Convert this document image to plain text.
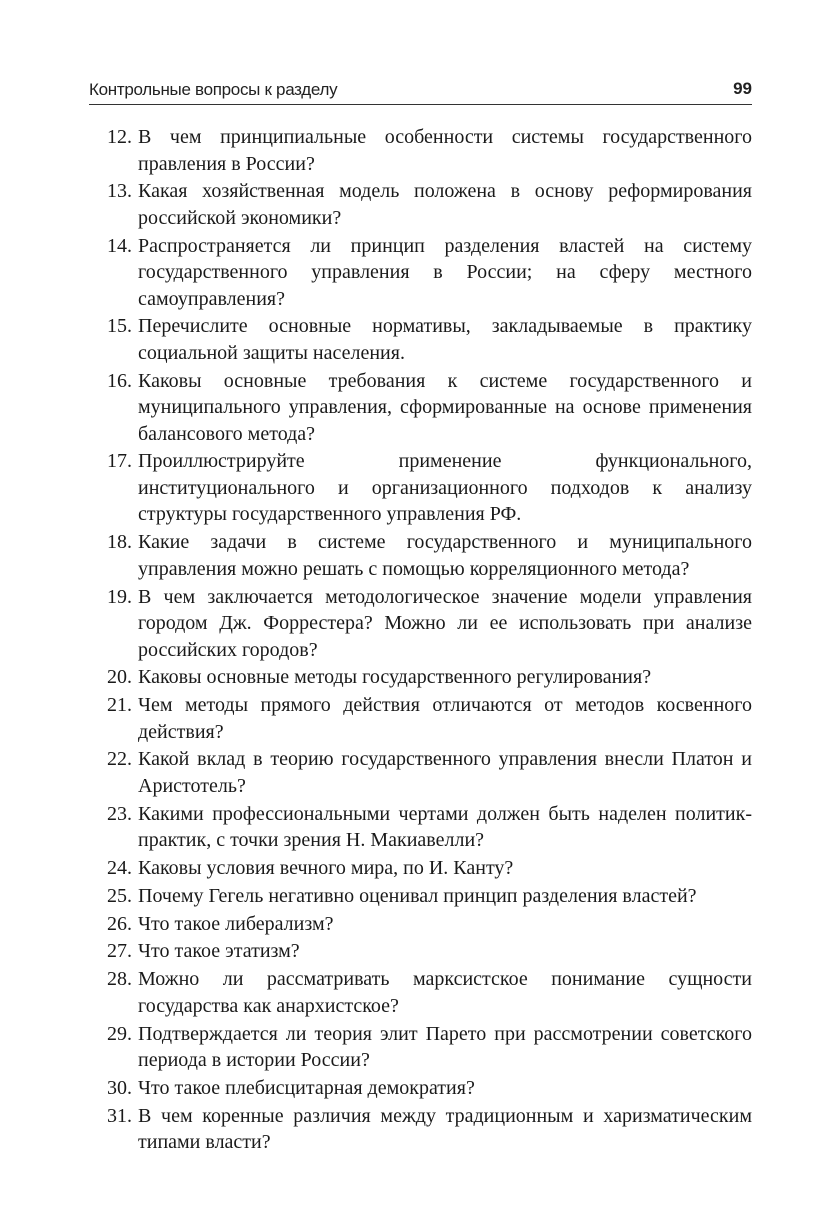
Контрольные вопросы к разделу	99
12. В чем принципиальные особенности системы государственного правления в России?
13. Какая хозяйственная модель положена в основу реформирования российской экономики?
14. Распространяется ли принцип разделения властей на систему государственного управления в России; на сферу местного самоуправления?
15. Перечислите основные нормативы, закладываемые в практику социальной защиты населения.
16. Каковы основные требования к системе государственного и муниципального управления, сформированные на основе применения балансового метода?
17. Проиллюстрируйте применение функционального, институционального и организационного подходов к анализу структуры государственного управления РФ.
18. Какие задачи в системе государственного и муниципального управления можно решать с помощью корреляционного метода?
19. В чем заключается методологическое значение модели управления городом Дж. Форрестера? Можно ли ее использовать при анализе российских городов?
20. Каковы основные методы государственного регулирования?
21. Чем методы прямого действия отличаются от методов косвенного действия?
22. Какой вклад в теорию государственного управления внесли Платон и Аристотель?
23. Какими профессиональными чертами должен быть наделен политик-практик, с точки зрения Н. Макиавелли?
24. Каковы условия вечного мира, по И. Канту?
25. Почему Гегель негативно оценивал принцип разделения властей?
26. Что такое либерализм?
27. Что такое этатизм?
28. Можно ли рассматривать марксистское понимание сущности государства как анархистское?
29. Подтверждается ли теория элит Парето при рассмотрении советского периода в истории России?
30. Что такое плебисцитарная демократия?
31. В чем коренные различия между традиционным и харизматическим типами власти?
